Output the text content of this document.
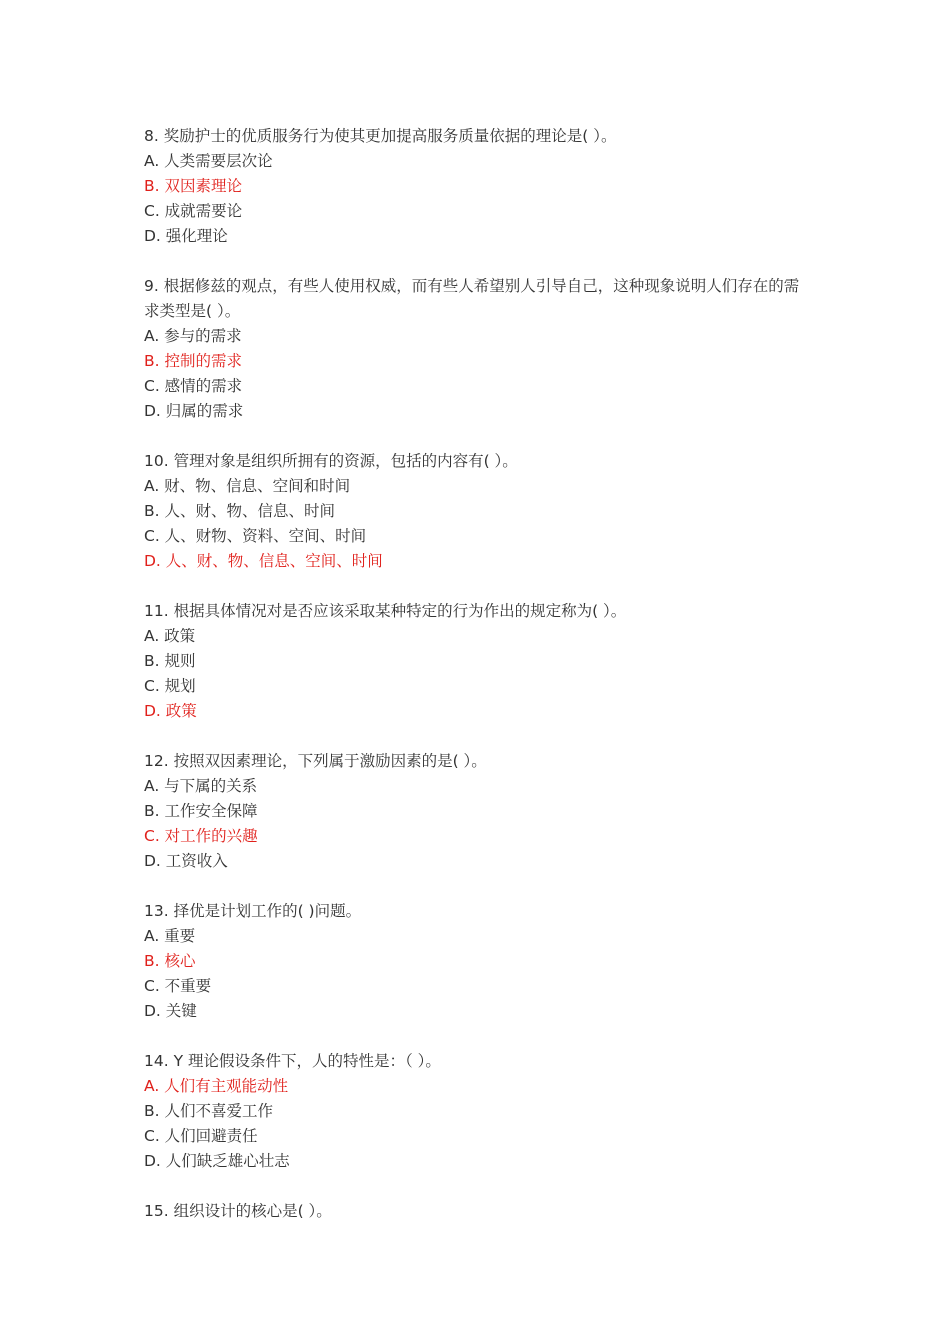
8. 奖励护士的优质服务行为使其更加提高服务质量依据的理论是( ）。
A. 人类需要层次论
B. 双因素理论
C. 成就需要论
D. 强化理论
9. 根据修兹的观点，有些人使用权威，而有些人希望别人引导自己，这种现象说明人们存在的需求类型是( ）。
A. 参与的需求
B. 控制的需求
C. 感情的需求
D. 归属的需求
10. 管理对象是组织所拥有的资源，包括的内容有( ）。
A. 财、物、信息、空间和时间
B. 人、财、物、信息、时间
C. 人、财物、资料、空间、时间
D. 人、财、物、信息、空间、时间
11. 根据具体情况对是否应该采取某种特定的行为作出的规定称为( ）。
A. 政策
B. 规则
C. 规划
D. 政策
12. 按照双因素理论，下列属于激励因素的是( ）。
A. 与下属的关系
B. 工作安全保障
C. 对工作的兴趣
D. 工资收入
13. 择优是计划工作的( )问题。
A. 重要
B. 核心
C. 不重要
D. 关键
14. Y 理论假设条件下，人的特性是：（ ）。
A. 人们有主观能动性
B. 人们不喜爱工作
C. 人们回避责任
D. 人们缺乏雄心壮志
15. 组织设计的核心是( ）。
